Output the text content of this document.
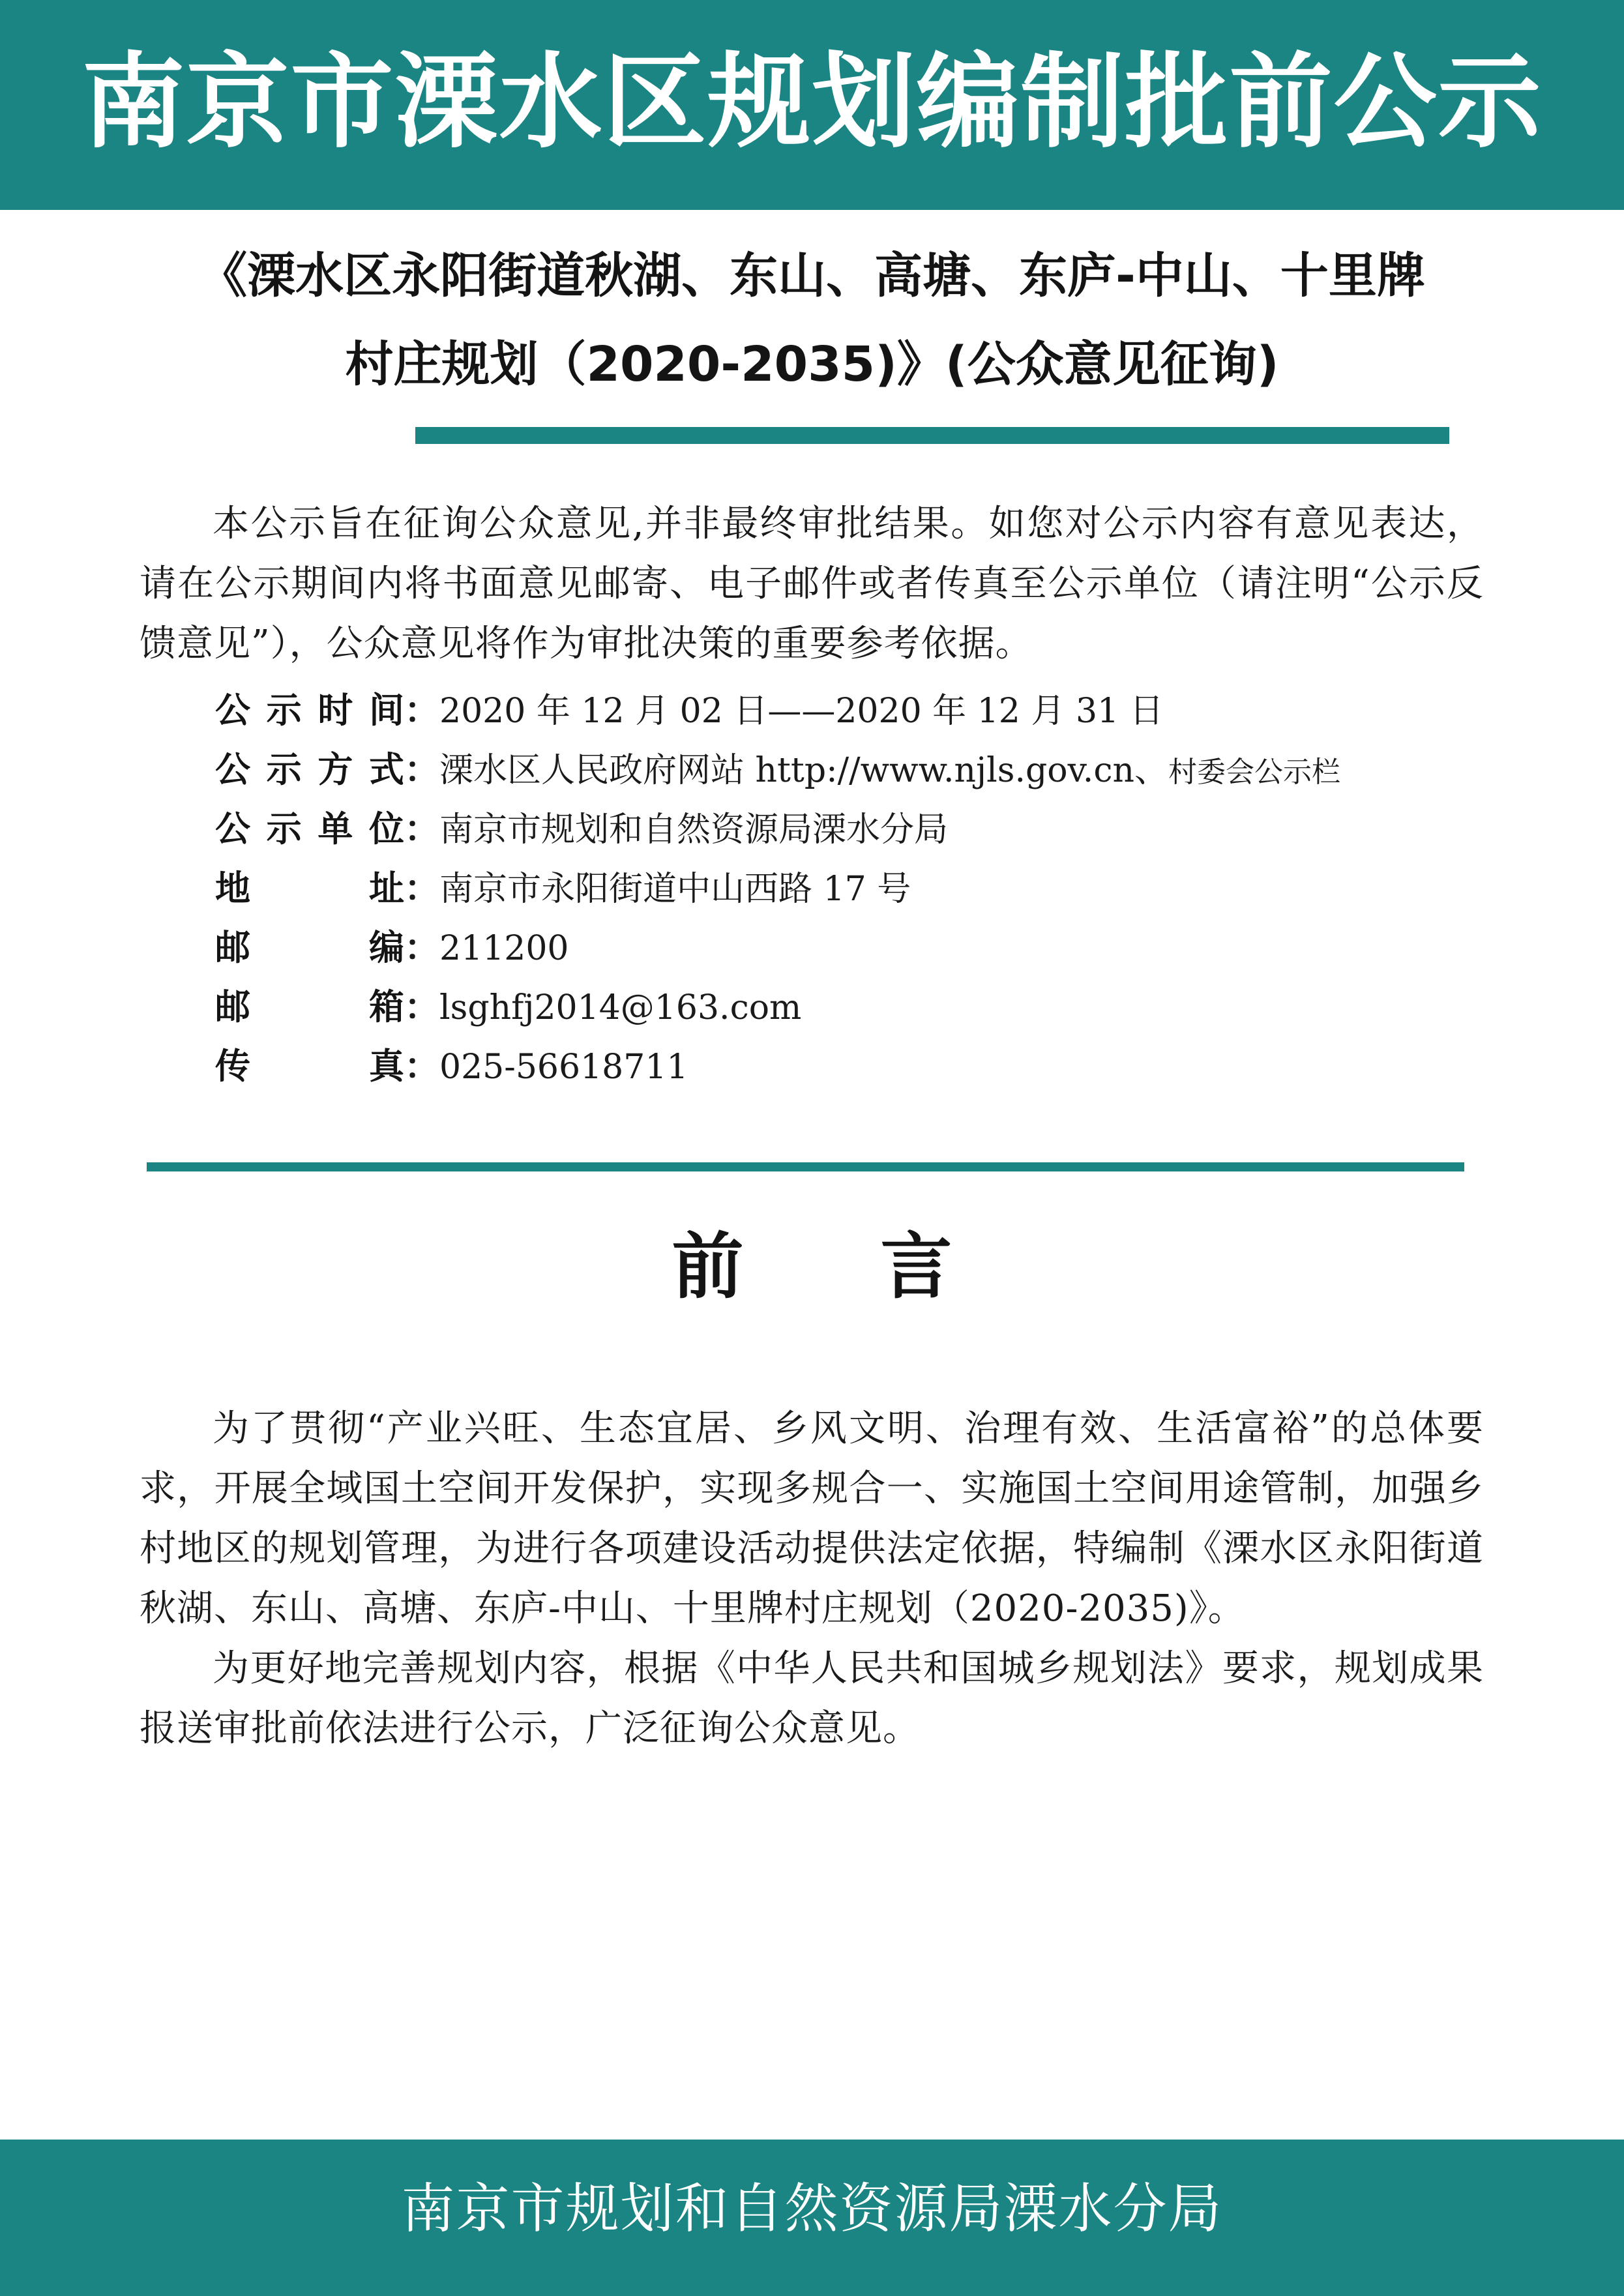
南京市溧水区规划编制批前公示
《溧水区永阳街道秋湖、东山、高塘、东庐-中山、十里牌
村庄规划（2020-2035)》(公众意见征询)
本公示旨在征询公众意见,并非最终审批结果。如您对公示内容有意见表达，请在公示期间内将书面意见邮寄、电子邮件或者传真至公示单位（请注明“公示反馈意见”），公众意见将作为审批决策的重要参考依据。
公示时间：2020 年 12 月 02 日——2020 年 12 月 31 日
公示方式：溧水区人民政府网站 http://www.njls.gov.cn、村委会公示栏
公示单位：南京市规划和自然资源局溧水分局
地址：南京市永阳街道中山西路 17 号
邮编：211200
邮箱：lsghfj2014@163.com
传真：025-56618711
前言
为了贯彻“产业兴旺、生态宜居、乡风文明、治理有效、生活富裕”的总体要求，开展全域国土空间开发保护，实现多规合一、实施国土空间用途管制，加强乡村地区的规划管理，为进行各项建设活动提供法定依据，特编制《溧水区永阳街道秋湖、东山、高塘、东庐-中山、十里牌村庄规划（2020-2035)》。
为更好地完善规划内容，根据《中华人民共和国城乡规划法》要求，规划成果报送审批前依法进行公示，广泛征询公众意见。
南京市规划和自然资源局溧水分局
